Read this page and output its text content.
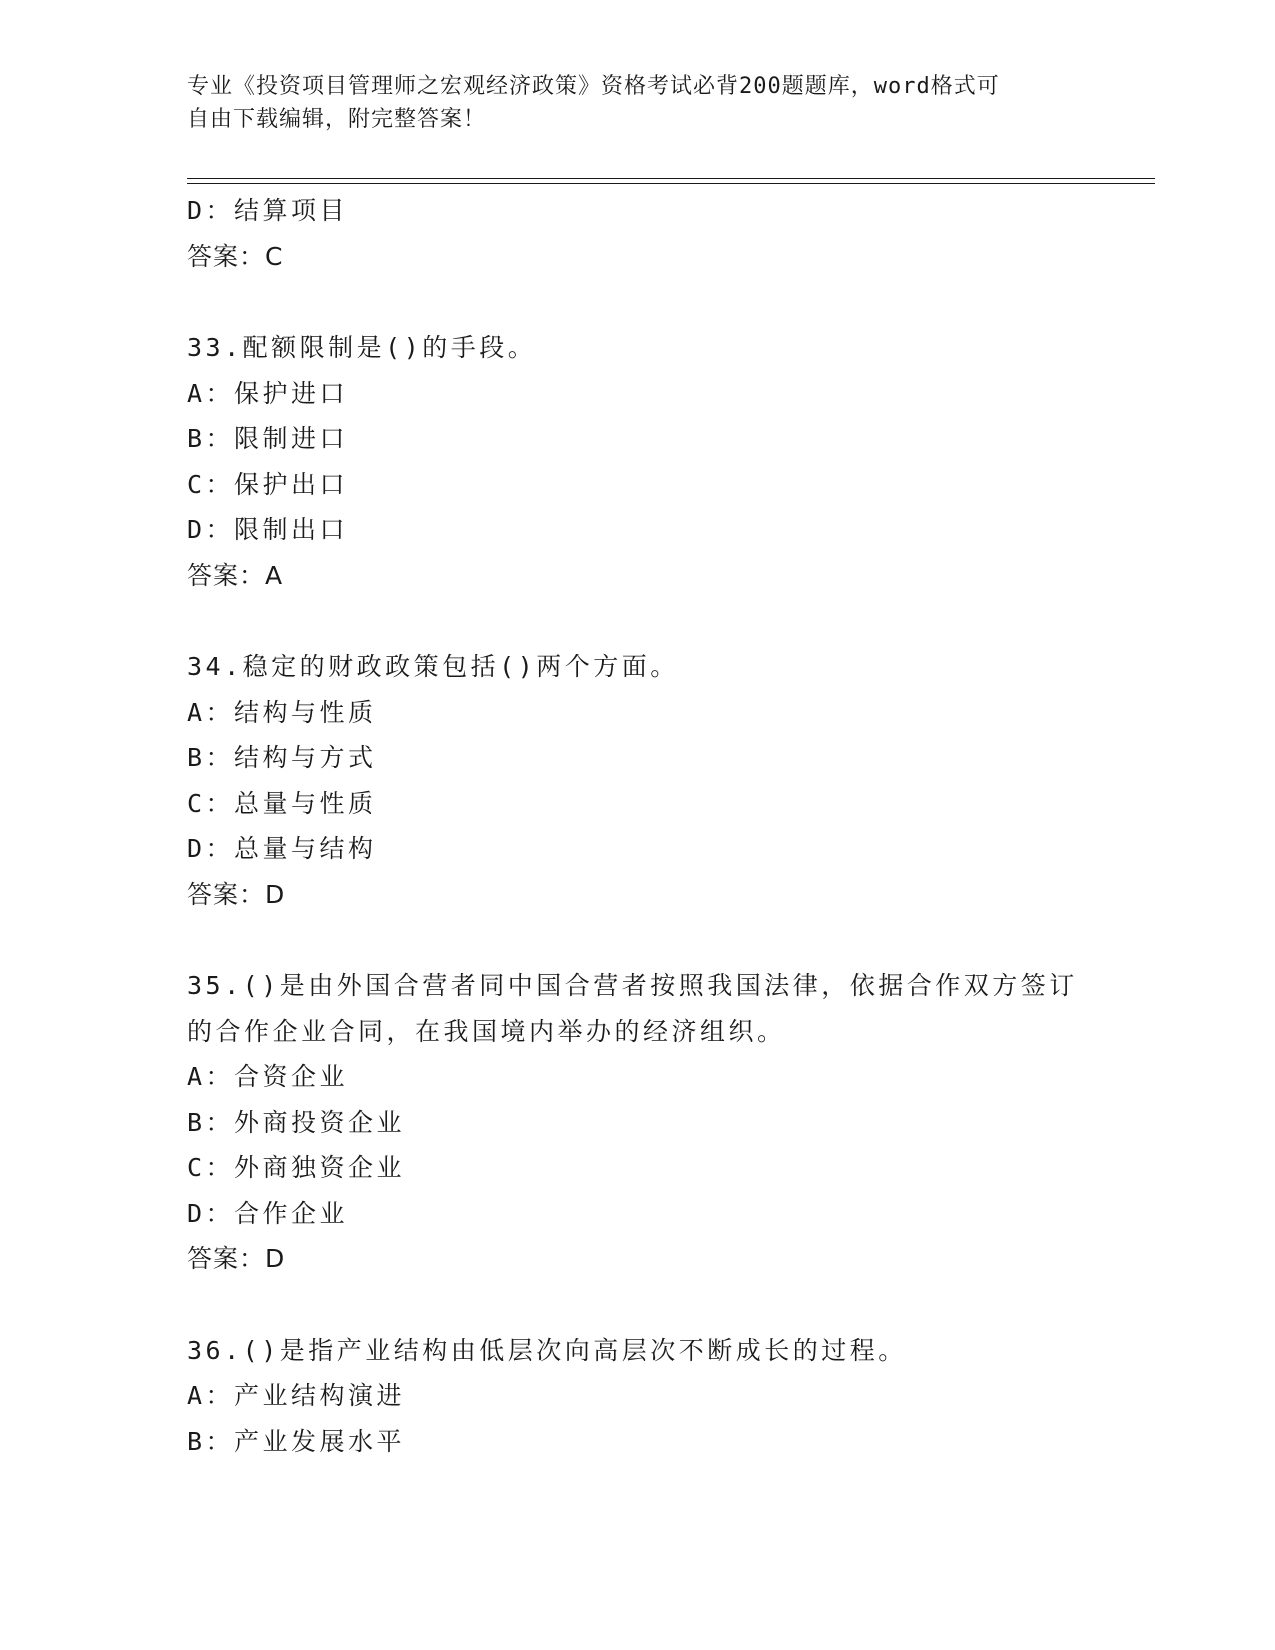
专业《投资项目管理师之宏观经济政策》资格考试必背200题题库，word格式可
自由下载编辑，附完整答案！
D：结算项目
答案：C
33.配额限制是()的手段。
A：保护进口
B：限制进口
C：保护出口
D：限制出口
答案：A
34.稳定的财政政策包括()两个方面。
A：结构与性质
B：结构与方式
C：总量与性质
D：总量与结构
答案：D
35.()是由外国合营者同中国合营者按照我国法律，依据合作双方签订
的合作企业合同，在我国境内举办的经济组织。
A：合资企业
B：外商投资企业
C：外商独资企业
D：合作企业
答案：D
36.()是指产业结构由低层次向高层次不断成长的过程。
A：产业结构演进
B：产业发展水平
